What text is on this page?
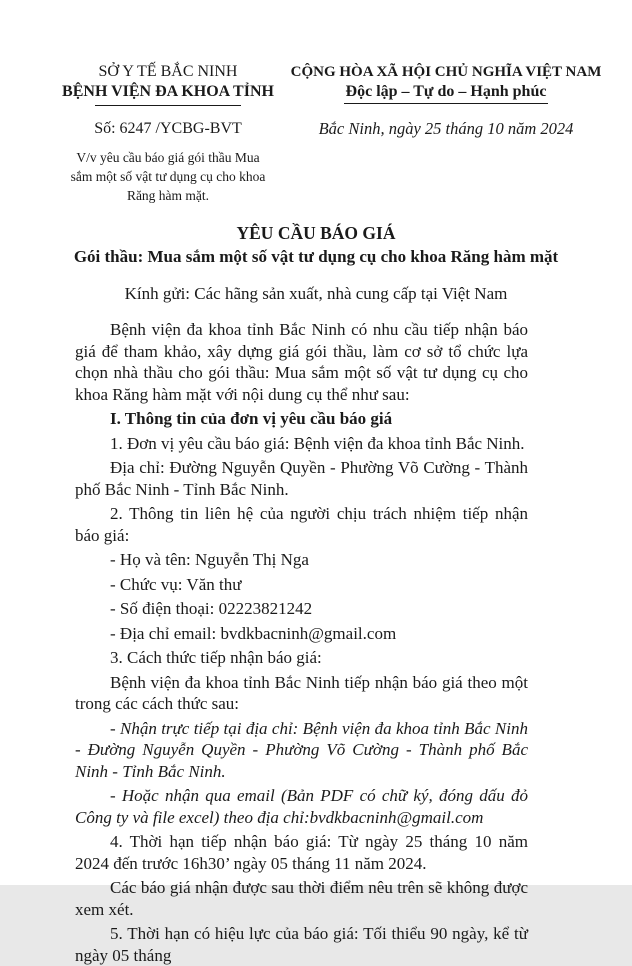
SỞ Y TẾ BẮC NINH
BỆNH VIỆN ĐA KHOA TỈNH
Số: 6247 /YCBG-BVT
V/v yêu cầu báo giá gói thầu Mua sắm một số vật tư dụng cụ cho khoa Răng hàm mặt.
CỘNG HÒA XÃ HỘI CHỦ NGHĨA VIỆT NAM
Độc lập – Tự do – Hạnh phúc
Bắc Ninh, ngày 25 tháng 10 năm 2024

YÊU CẦU BÁO GIÁ

Gói thầu: Mua sắm một số vật tư dụng cụ cho khoa Răng hàm mặt

Kính gửi: Các hãng sản xuất, nhà cung cấp tại Việt Nam

Bệnh viện đa khoa tỉnh Bắc Ninh có nhu cầu tiếp nhận báo giá để tham khảo, xây dựng giá gói thầu, làm cơ sở tổ chức lựa chọn nhà thầu cho gói thầu: Mua sắm một số vật tư dụng cụ cho khoa Răng hàm mặt với nội dung cụ thể như sau:

I. Thông tin của đơn vị yêu cầu báo giá

1. Đơn vị yêu cầu báo giá: Bệnh viện đa khoa tỉnh Bắc Ninh.

Địa chỉ: Đường Nguyễn Quyền - Phường Võ Cường - Thành phố Bắc Ninh - Tỉnh Bắc Ninh.

2. Thông tin liên hệ của người chịu trách nhiệm tiếp nhận báo giá:

- Họ và tên: Nguyễn Thị Nga

- Chức vụ: Văn thư

- Số điện thoại: 02223821242

- Địa chỉ email: bvdkbacninh@gmail.com

3. Cách thức tiếp nhận báo giá:

Bệnh viện đa khoa tỉnh Bắc Ninh tiếp nhận báo giá theo một trong các cách thức sau:

- Nhận trực tiếp tại địa chỉ: Bệnh viện đa khoa tỉnh Bắc Ninh - Đường Nguyễn Quyền - Phường Võ Cường - Thành phố Bắc Ninh - Tỉnh Bắc Ninh.

- Hoặc nhận qua email (Bản PDF có chữ ký, đóng dấu đỏ Công ty và file excel) theo địa chỉ:bvdkbacninh@gmail.com

4. Thời hạn tiếp nhận báo giá: Từ ngày 25 tháng 10 năm 2024 đến trước 16h30’ ngày 05 tháng 11 năm 2024.

Các báo giá nhận được sau thời điểm nêu trên sẽ không được xem xét.

5. Thời hạn có hiệu lực của báo giá: Tối thiểu 90 ngày, kể từ ngày 05 tháng
